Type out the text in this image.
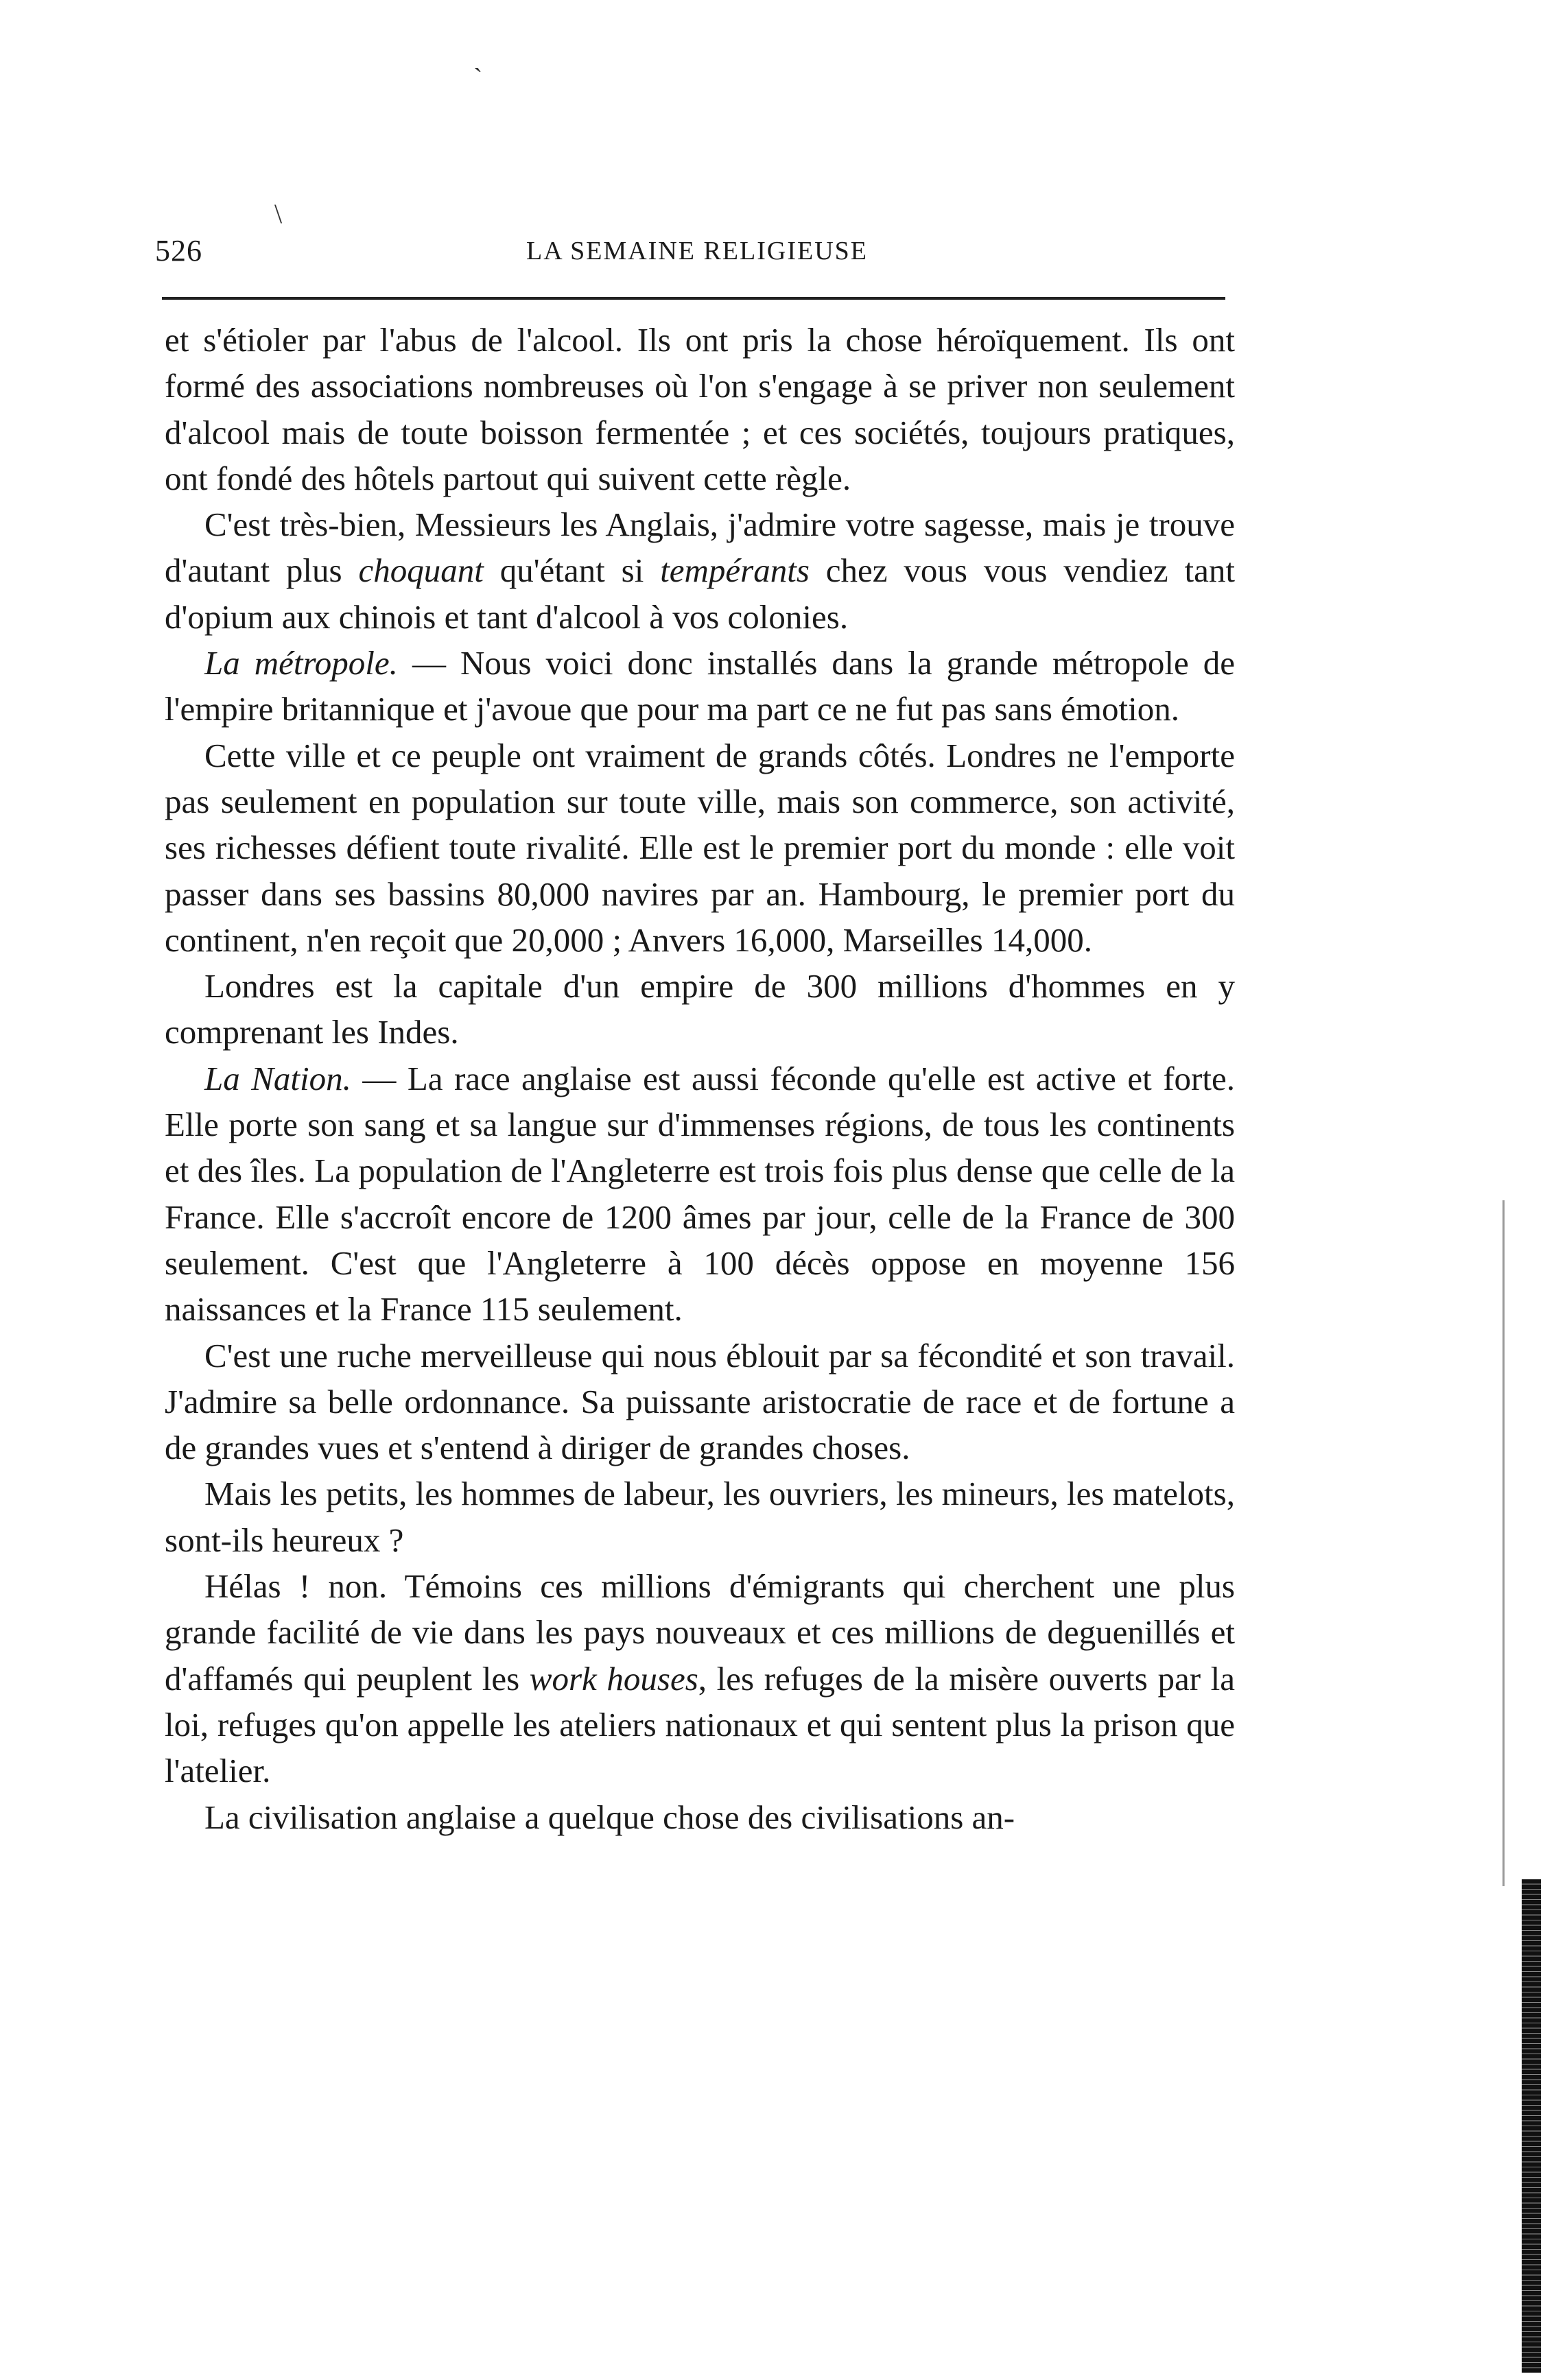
ˋ
\
526	LA SEMAINE RELIGIEUSE

et s'étioler par l'abus de l'alcool. Ils ont pris la chose héroïquement. Ils ont formé des associations nombreuses où l'on s'engage à se priver non seulement d'alcool mais de toute boisson fermentée ; et ces sociétés, toujours pratiques, ont fondé des hôtels partout qui suivent cette règle.

C'est très-bien, Messieurs les Anglais, j'admire votre sagesse, mais je trouve d'autant plus choquant qu'étant si tempérants chez vous vous vendiez tant d'opium aux chinois et tant d'alcool à vos colonies.

La métropole. — Nous voici donc installés dans la grande métropole de l'empire britannique et j'avoue que pour ma part ce ne fut pas sans émotion.

Cette ville et ce peuple ont vraiment de grands côtés. Londres ne l'emporte pas seulement en population sur toute ville, mais son commerce, son activité, ses richesses défient toute rivalité. Elle est le premier port du monde : elle voit passer dans ses bassins 80,000 navires par an. Hambourg, le premier port du continent, n'en reçoit que 20,000 ; Anvers 16,000, Marseilles 14,000.

Londres est la capitale d'un empire de 300 millions d'hommes en y comprenant les Indes.

La Nation. — La race anglaise est aussi féconde qu'elle est active et forte. Elle porte son sang et sa langue sur d'immenses régions, de tous les continents et des îles. La population de l'Angleterre est trois fois plus dense que celle de la France. Elle s'accroît encore de 1200 âmes par jour, celle de la France de 300 seulement. C'est que l'Angleterre à 100 décès oppose en moyenne 156 naissances et la France 115 seulement.

C'est une ruche merveilleuse qui nous éblouit par sa fécondité et son travail. J'admire sa belle ordonnance. Sa puissante aristocratie de race et de fortune a de grandes vues et s'entend à diriger de grandes choses.

Mais les petits, les hommes de labeur, les ouvriers, les mineurs, les matelots, sont-ils heureux ?

Hélas ! non. Témoins ces millions d'émigrants qui cherchent une plus grande facilité de vie dans les pays nouveaux et ces millions de deguenillés et d'affamés qui peuplent les work houses, les refuges de la misère ouverts par la loi, refuges qu'on appelle les ateliers nationaux et qui sentent plus la prison que l'atelier.

La civilisation anglaise a quelque chose des civilisations an-
